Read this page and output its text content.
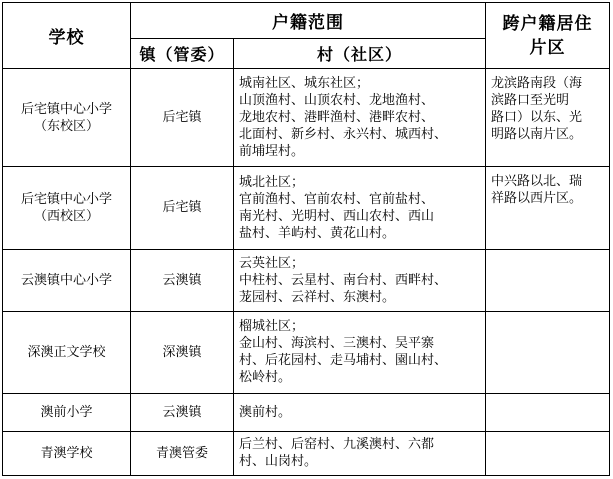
学校	户籍范围		跨户籍居住
片区
	镇（管委）	村（社区）	
后宅镇中心小学
（东校区）	后宅镇	城南社区、城东社区；
山顶渔村、山顶农村、龙地渔村、
龙地农村、港畔渔村、港畔农村、
北面村、新乡村、永兴村、城西村、
前埔埕村。	龙滨路南段（海
滨路口至光明
路口）以东、光
明路以南片区。
后宅镇中心小学
（西校区）	后宅镇	城北社区；
官前渔村、官前农村、官前盐村、
南光村、光明村、西山农村、西山
盐村、羊屿村、黄花山村。	中兴路以北、瑞
祥路以西片区。
云澳镇中心小学	云澳镇	云英社区；
中柱村、云星村、南台村、西畔村、
茏园村、云祥村、东澳村。	
深澳正文学校	深澳镇	榴城社区；
金山村、海滨村、三澳村、吴平寨
村、后花园村、走马埔村、園山村、
松岭村。	
澳前小学	云澳镇	澳前村。	
青澳学校	青澳管委	后兰村、后窑村、九溪澳村、六都
村、山岗村。	
